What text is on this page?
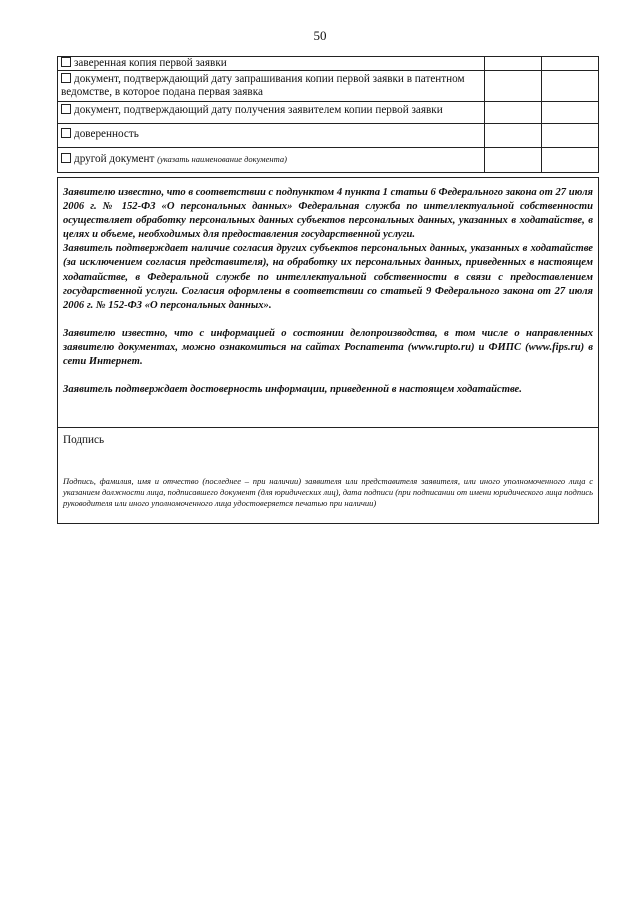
50
заверенная копия первой заявки		
документ, подтверждающий дату запрашивания копии первой заявки в патентном ведомстве, в которое подана первая заявка		
документ, подтверждающий дату получения заявителем копии первой заявки		
доверенность		
другой документ (указать наименование документа)		

Заявителю известно, что в соответствии с подпунктом 4 пункта 1 статьи 6 Федерального закона от 27 июля 2006 г. № 152-ФЗ «О персональных данных» Федеральная служба по интеллектуальной собственности осуществляет обработку персональных данных субъектов персональных данных, указанных в ходатайстве, в целях и объеме, необходимых для предоставления государственной услуги.

Заявитель подтверждает наличие согласия других субъектов персональных данных, указанных в ходатайстве (за исключением согласия представителя), на обработку их персональных данных, приведенных в настоящем ходатайстве, в Федеральной службе по интеллектуальной собственности в связи с предоставлением государственной услуги. Согласия оформлены в соответствии со статьей 9 Федерального закона от 27 июля 2006 г. № 152-ФЗ «О персональных данных».

Заявителю известно, что с информацией о состоянии делопроизводства, в том числе о направленных заявителю документах, можно ознакомиться на сайтах Роспатента (www.rupto.ru) и ФИПС (www.fips.ru) в сети Интернет.

Заявитель подтверждает достоверность информации, приведенной в настоящем ходатайстве.

Подпись
Подпись, фамилия, имя и отчество (последнее – при наличии) заявителя или представителя заявителя, или иного уполномоченного лица с указанием должности лица, подписавшего документ (для юридических лиц), дата подписи (при подписании от имени юридического лица подпись руководителя или иного уполномоченного лица удостоверяется печатью при наличии)
